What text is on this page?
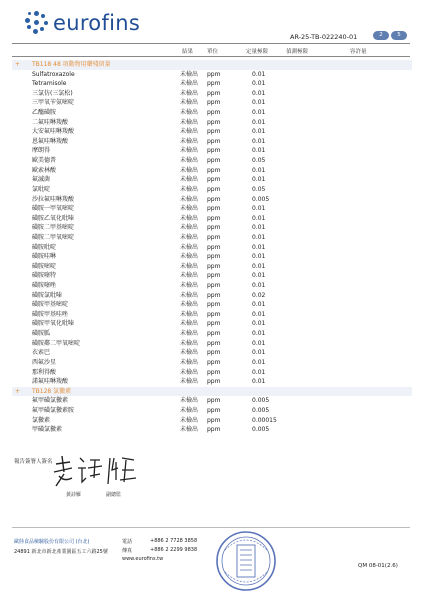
eurofins
AR-25-TB-022240-01	2	5
結果	單位	定量極限	偵測極限	容許量
+ TB118 48 項動物用藥殘留量
Sulfatroxazole	未檢出 ppm	0.01
Tetramisole	未檢出 ppm	0.01
三氯仿(三氯松)	未檢出 ppm	0.01
三甲氧苄氨嘧啶	未檢出 ppm	0.01
乙醯磺胺	未檢出 ppm	0.01
二氟哇啉羧酸	未檢出 ppm	0.01
大安氟哇啉羧酸	未檢出 ppm	0.01
恩氟哇啉羧酸	未檢出 ppm	0.01
摩朗得	未檢出 ppm	0.01
歐美德普	未檢出 ppm	0.05
歐索林酸	未檢出 ppm	0.01
氟滅菌	未檢出 ppm	0.01
氯吡啶	未檢出 ppm	0.05
沙拉氟哇啉羧酸	未檢出 ppm	0.005
磺胺一甲氧嘧啶	未檢出 ppm	0.01
磺胺乙氧化吡嗪	未檢出 ppm	0.01
磺胺二甲基嘧啶	未檢出 ppm	0.01
磺胺二甲氧嘧啶	未檢出 ppm	0.01
磺胺吡啶	未檢出 ppm	0.01
磺胺哇啉	未檢出 ppm	0.01
磺胺嘧啶	未檢出 ppm	0.01
磺胺噻特	未檢出 ppm	0.01
磺胺噻唑	未檢出 ppm	0.01
磺胺氯吡嗪	未檢出 ppm	0.02
磺胺甲基嘧啶	未檢出 ppm	0.01
磺胺甲基哇唑	未檢出 ppm	0.01
磺胺甲氧化吡嗪	未檢出 ppm	0.01
磺胺胍	未檢出 ppm	0.01
磺胺鄰二甲氧嘧啶	未檢出 ppm	0.01
衣索巴	未檢出 ppm	0.01
西氟沙星	未檢出 ppm	0.01
那利得酸	未檢出 ppm	0.01
諾氟哇啉羧酸	未檢出 ppm	0.01
+ TB128 氯黴素
氟甲磺氯黴素	未檢出 ppm	0.005
氟甲磺氯黴素胺	未檢出 ppm	0.005
氯黴素	未檢出 ppm	0.00015
甲磺氯黴素	未檢出 ppm	0.005
報告簽署人簽名
黃詩雁	副總監
歐陸食品檢驗股份有限公司 (台北)
24891 新北市新北產業園區五工六路25號
電話	+886 2 7728 3858
傳真	+886 2 2299 9838
www.eurofins.tw
QM 08-01(2.6)
